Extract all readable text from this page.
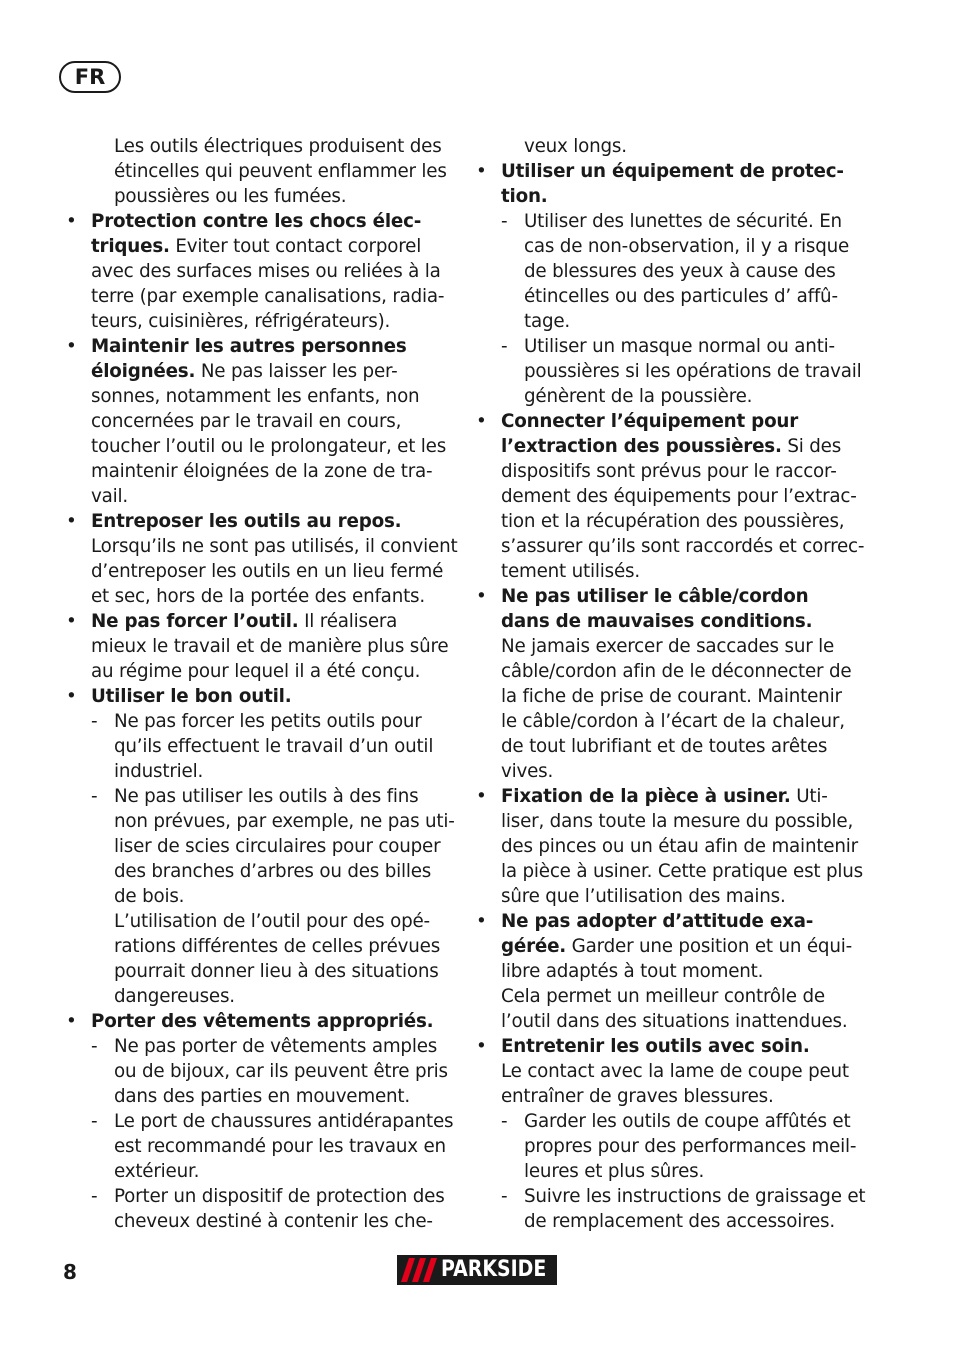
FR
Les outils électriques produisent des
étincelles qui peuvent enflammer les
poussières ou les fumées.
• Protection contre les chocs élec-
triques. Eviter tout contact corporel
avec des surfaces mises ou reliées à la
terre (par exemple canalisations, radia-
teurs, cuisinières, réfrigérateurs).
• Maintenir les autres personnes
éloignées. Ne pas laisser les per-
sonnes, notamment les enfants, non
concernées par le travail en cours,
toucher l’outil ou le prolongateur, et les
maintenir éloignées de la zone de tra-
vail.
• Entreposer les outils au repos.
Lorsqu’ils ne sont pas utilisés, il convient
d’entreposer les outils en un lieu fermé
et sec, hors de la portée des enfants.
• Ne pas forcer l’outil. Il réalisera
mieux le travail et de manière plus sûre
au régime pour lequel il a été conçu.
• Utiliser le bon outil.
- Ne pas forcer les petits outils pour
qu’ils effectuent le travail d’un outil
industriel.
- Ne pas utiliser les outils à des fins
non prévues, par exemple, ne pas uti-
liser de scies circulaires pour couper
des branches d’arbres ou des billes
de bois.
L’utilisation de l’outil pour des opé-
rations différentes de celles prévues
pourrait donner lieu à des situations
dangereuses.
• Porter des vêtements appropriés.
- Ne pas porter de vêtements amples
ou de bijoux, car ils peuvent être pris
dans des parties en mouvement.
- Le port de chaussures antidérapantes
est recommandé pour les travaux en
extérieur.
- Porter un dispositif de protection des
cheveux destiné à contenir les che-
veux longs.
• Utiliser un équipement de protec-
tion.
- Utiliser des lunettes de sécurité. En
cas de non-observation, il y a risque
de blessures des yeux à cause des
étincelles ou des particules d’ affû-
tage.
- Utiliser un masque normal ou anti-
poussières si les opérations de travail
génèrent de la poussière.
• Connecter l’équipement pour
l’extraction des poussières. Si des
dispositifs sont prévus pour le raccor-
dement des équipements pour l’extrac-
tion et la récupération des poussières,
s’assurer qu’ils sont raccordés et correc-
tement utilisés.
• Ne pas utiliser le câble/cordon
dans de mauvaises conditions.
Ne jamais exercer de saccades sur le
câble/cordon afin de le déconnecter de
la fiche de prise de courant. Maintenir
le câble/cordon à l’écart de la chaleur,
de tout lubrifiant et de toutes arêtes
vives.
• Fixation de la pièce à usiner. Uti-
liser, dans toute la mesure du possible,
des pinces ou un étau afin de maintenir
la pièce à usiner. Cette pratique est plus
sûre que l’utilisation des mains.
• Ne pas adopter d’attitude exa-
gérée. Garder une position et un équi-
libre adaptés à tout moment.
Cela permet un meilleur contrôle de
l’outil dans des situations inattendues.
• Entretenir les outils avec soin.
Le contact avec la lame de coupe peut
entraîner de graves blessures.
- Garder les outils de coupe affûtés et
propres pour des performances meil-
leures et plus sûres.
- Suivre les instructions de graissage et
de remplacement des accessoires.
8	PARKSIDE
